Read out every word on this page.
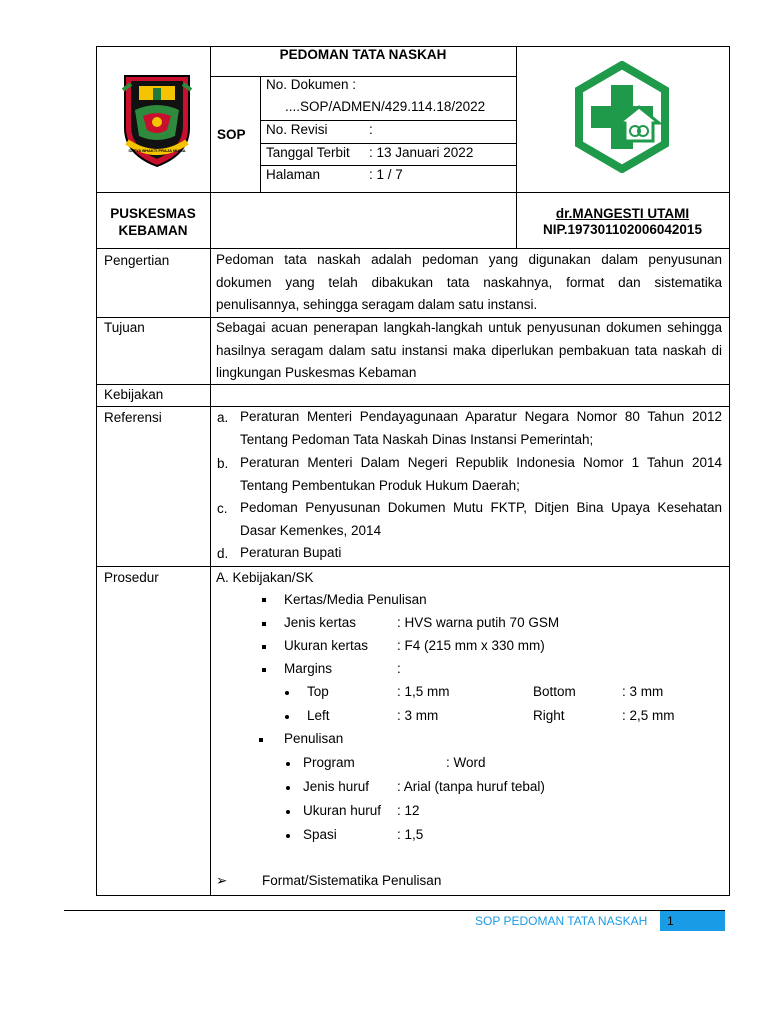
SATYA BHAKTI PRAJA MULIA
PEDOMAN TATA NASKAH
SOP
No. Dokumen :
....SOP/ADMEN/429.114.18/2022
No. Revisi	:
Tanggal Terbit : 13 Januari 2022
Halaman	: 1 / 7
PUSKESMAS
KEBAMAN
dr.MANGESTI UTAMI
NIP.197301102006042015
Pengertian	Pedoman tata naskah adalah pedoman yang digunakan dalam penyusunan dokumen yang telah dibakukan tata naskahnya, format dan sistematika penulisannya, sehingga seragam dalam satu instansi.
Tujuan	Sebagai acuan penerapan langkah-langkah untuk penyusunan dokumen sehingga hasilnya seragam dalam satu instansi maka diperlukan pembakuan tata naskah di lingkungan Puskesmas Kebaman
Kebijakan
Referensi	a. Peraturan Menteri Pendayagunaan Aparatur Negara Nomor 80 Tahun 2012 Tentang Pedoman Tata Naskah Dinas Instansi Pemerintah;
b. Peraturan Menteri Dalam Negeri Republik Indonesia Nomor 1 Tahun 2014 Tentang Pembentukan Produk Hukum Daerah;
c. Pedoman Penyusunan Dokumen Mutu FKTP, Ditjen Bina Upaya Kesehatan Dasar Kemenkes, 2014
d. Peraturan Bupati
Prosedur	A. Kebijakan/SK
Kertas/Media Penulisan
Jenis kertas	: HVS warna putih 70 GSM
Ukuran kertas : F4 (215 mm x 330 mm)
Margins	:
Top	: 1,5 mm	Bottom	: 3 mm
Left	: 3 mm	Right	: 2,5 mm
Penulisan
Program	: Word
Jenis huruf : Arial (tanpa huruf tebal)
Ukuran huruf : 12
Spasi	: 1,5
➢	Format/Sistematika Penulisan
SOP PEDOMAN TATA NASKAH 1
